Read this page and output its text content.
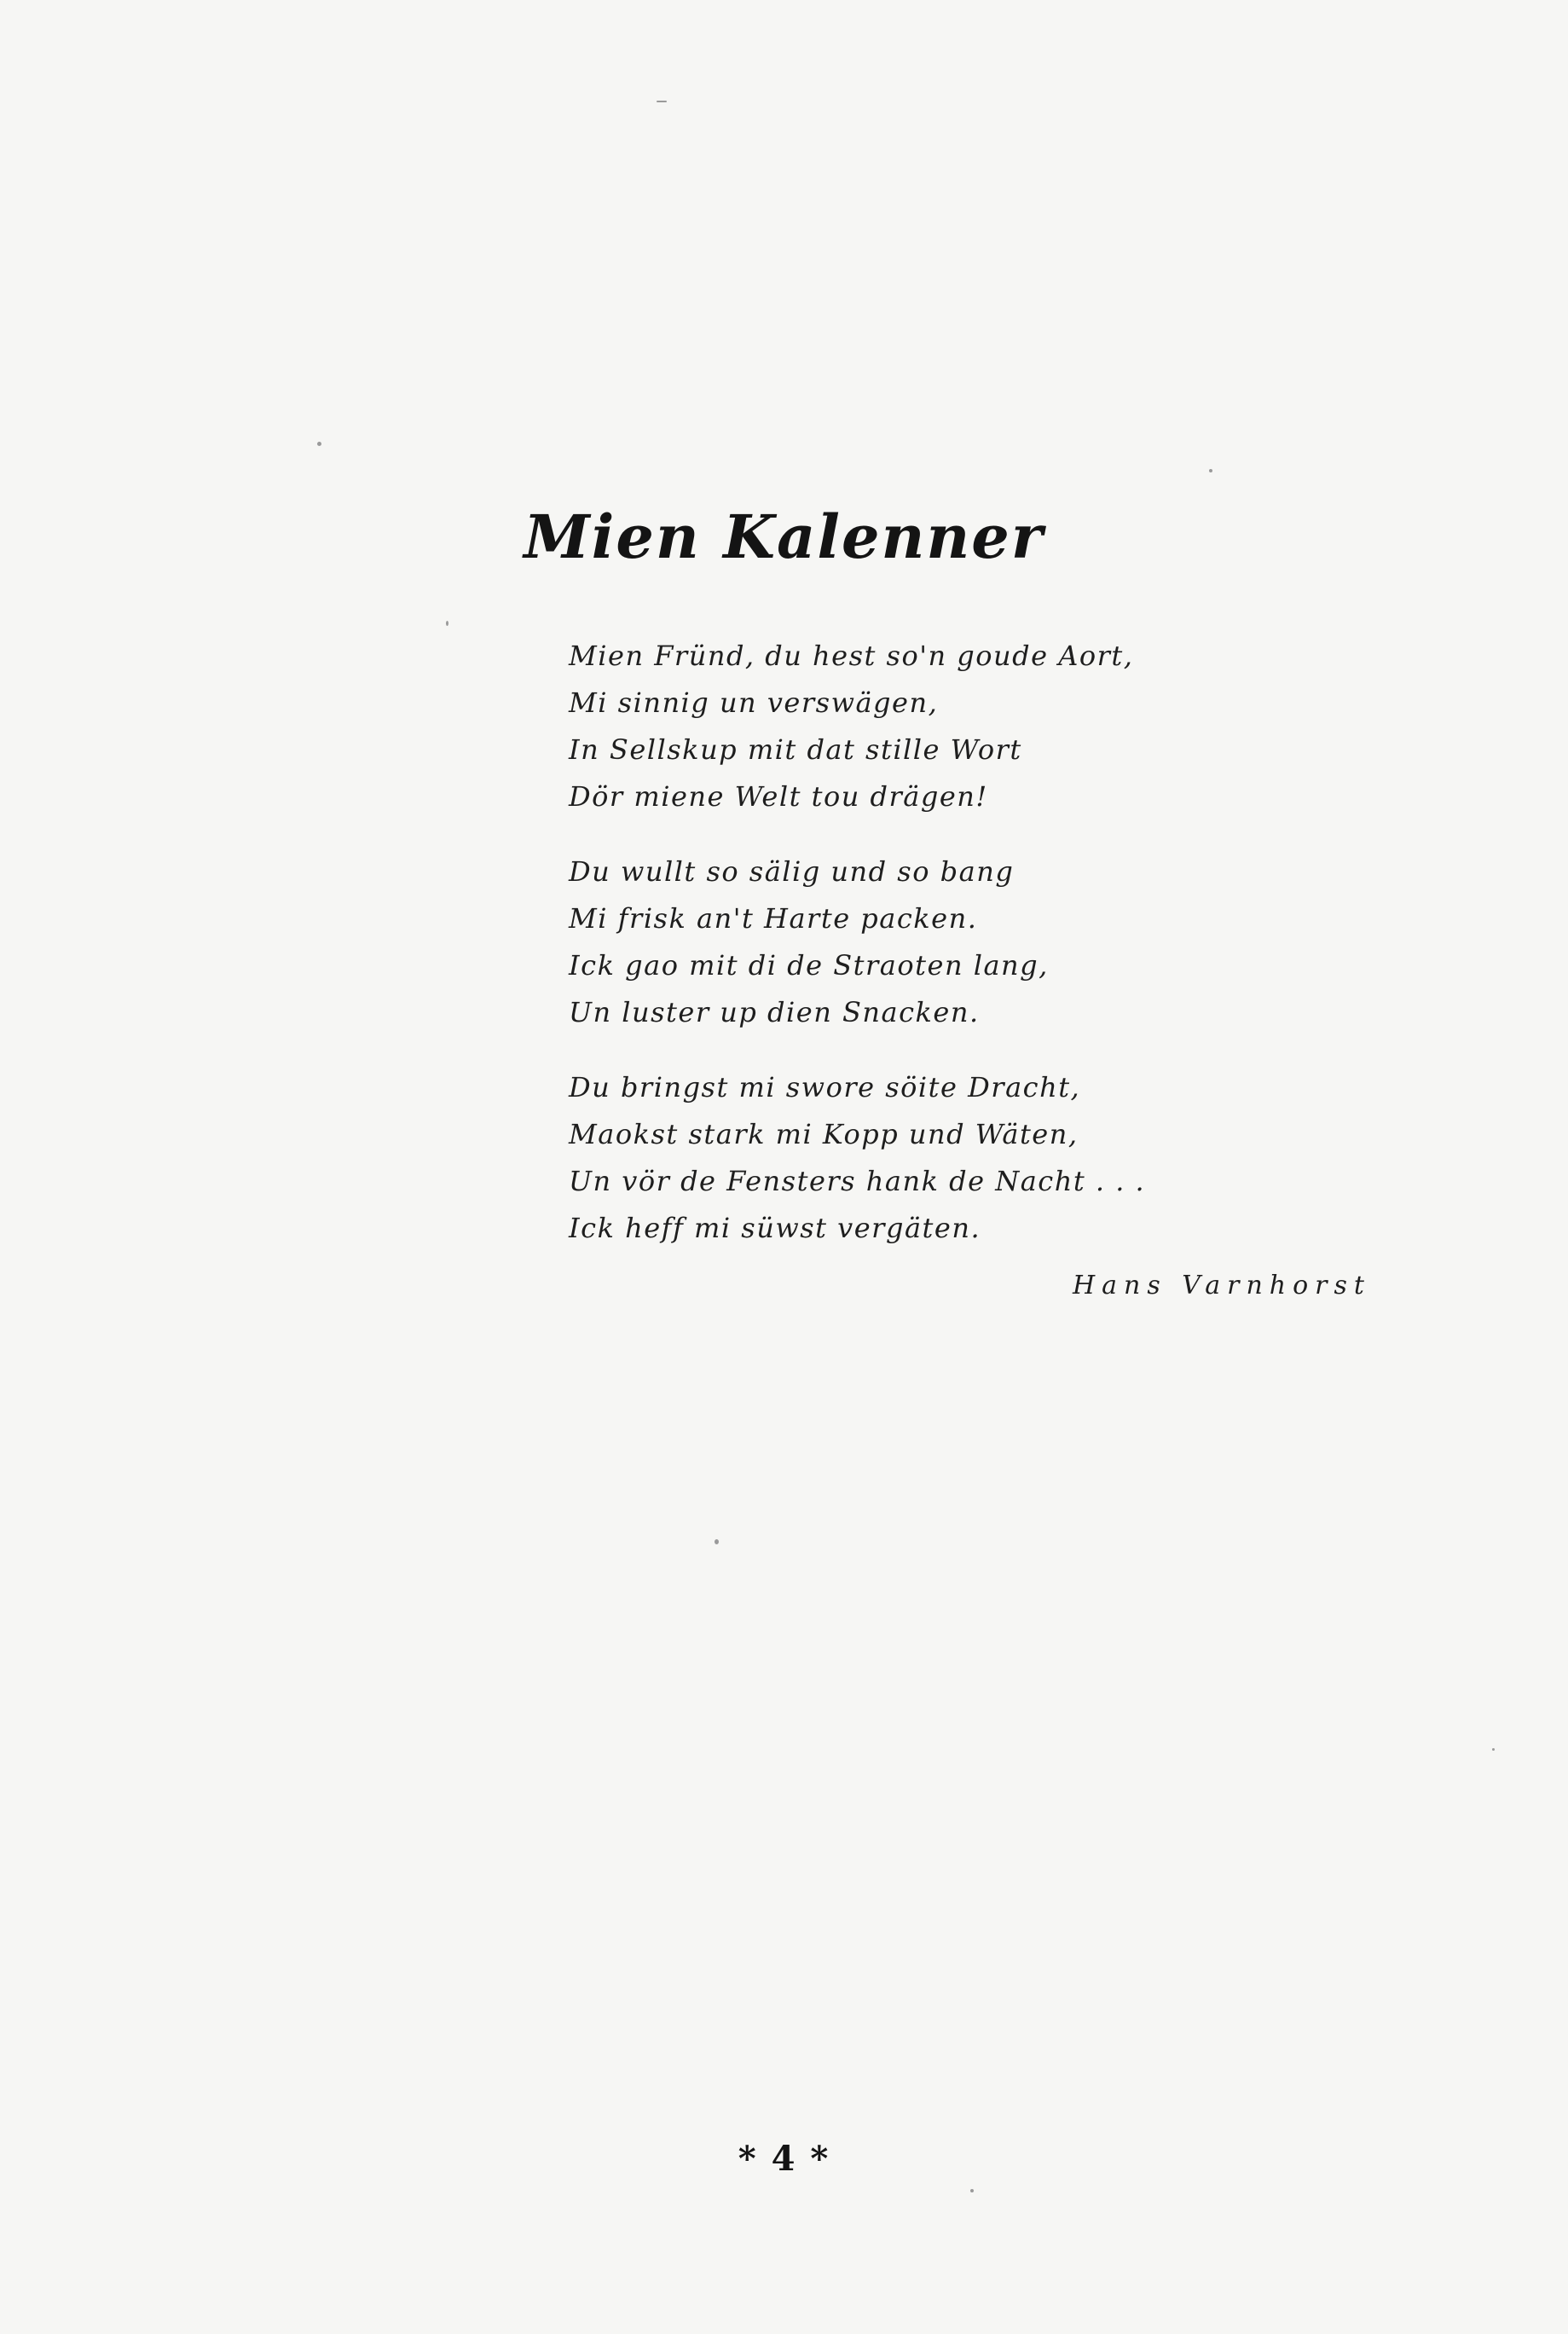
Mien Kalenner
Mien Fründ, du hest so'n goude Aort,
Mi sinnig un verswägen,
In Sellskup mit dat stille Wort
Dör miene Welt tou drägen!
Du wullt so sälig und so bang
Mi frisk an't Harte packen.
Ick gao mit di de Straoten lang,
Un luster up dien Snacken.
Du bringst mi swore söite Dracht,
Maokst stark mi Kopp und Wäten,
Un vör de Fensters hank de Nacht . . .
Ick heff mi süwst vergäten.
Hans Varnhorst
* 4 *
